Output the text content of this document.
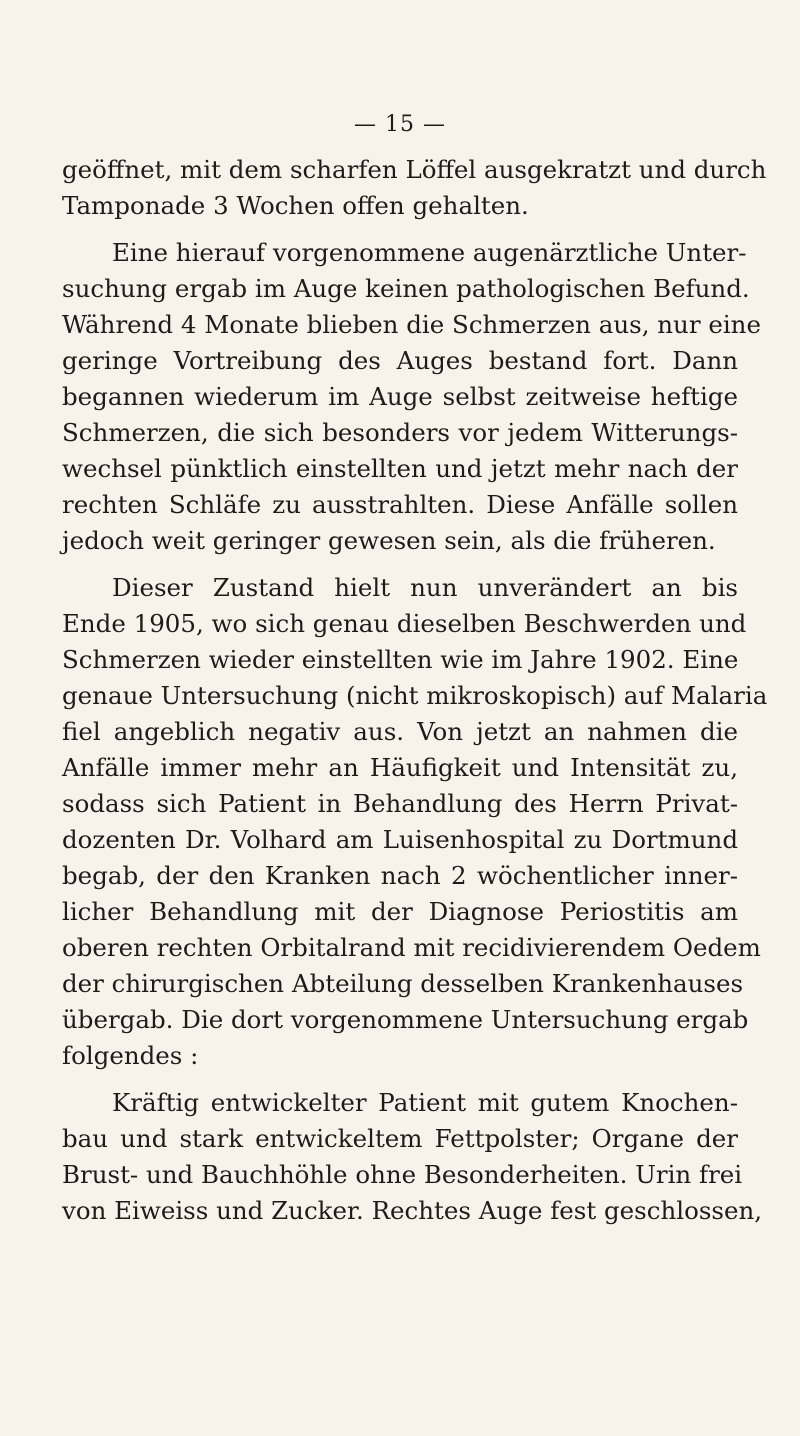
— 15 —
geöffnet, mit dem scharfen Löffel ausgekratzt und durch
Tamponade 3 Wochen offen gehalten.
Eine hierauf vorgenommene augenärztliche Unter-
suchung ergab im Auge keinen pathologischen Befund.
Während 4 Monate blieben die Schmerzen aus, nur eine
geringe Vortreibung des Auges bestand fort. Dann
begannen wiederum im Auge selbst zeitweise heftige
Schmerzen, die sich besonders vor jedem Witterungs-
wechsel pünktlich einstellten und jetzt mehr nach der
rechten Schläfe zu ausstrahlten. Diese Anfälle sollen
jedoch weit geringer gewesen sein, als die früheren.
Dieser Zustand hielt nun unverändert an bis
Ende 1905, wo sich genau dieselben Beschwerden und
Schmerzen wieder einstellten wie im Jahre 1902. Eine
genaue Untersuchung (nicht mikroskopisch) auf Malaria
fiel angeblich negativ aus. Von jetzt an nahmen die
Anfälle immer mehr an Häufigkeit und Intensität zu,
sodass sich Patient in Behandlung des Herrn Privat-
dozenten Dr. Volhard am Luisenhospital zu Dortmund
begab, der den Kranken nach 2 wöchentlicher inner-
licher Behandlung mit der Diagnose Periostitis am
oberen rechten Orbitalrand mit recidivierendem Oedem
der chirurgischen Abteilung desselben Krankenhauses
übergab. Die dort vorgenommene Untersuchung ergab
folgendes :
Kräftig entwickelter Patient mit gutem Knochen-
bau und stark entwickeltem Fettpolster; Organe der
Brust- und Bauchhöhle ohne Besonderheiten. Urin frei
von Eiweiss und Zucker. Rechtes Auge fest geschlossen,
